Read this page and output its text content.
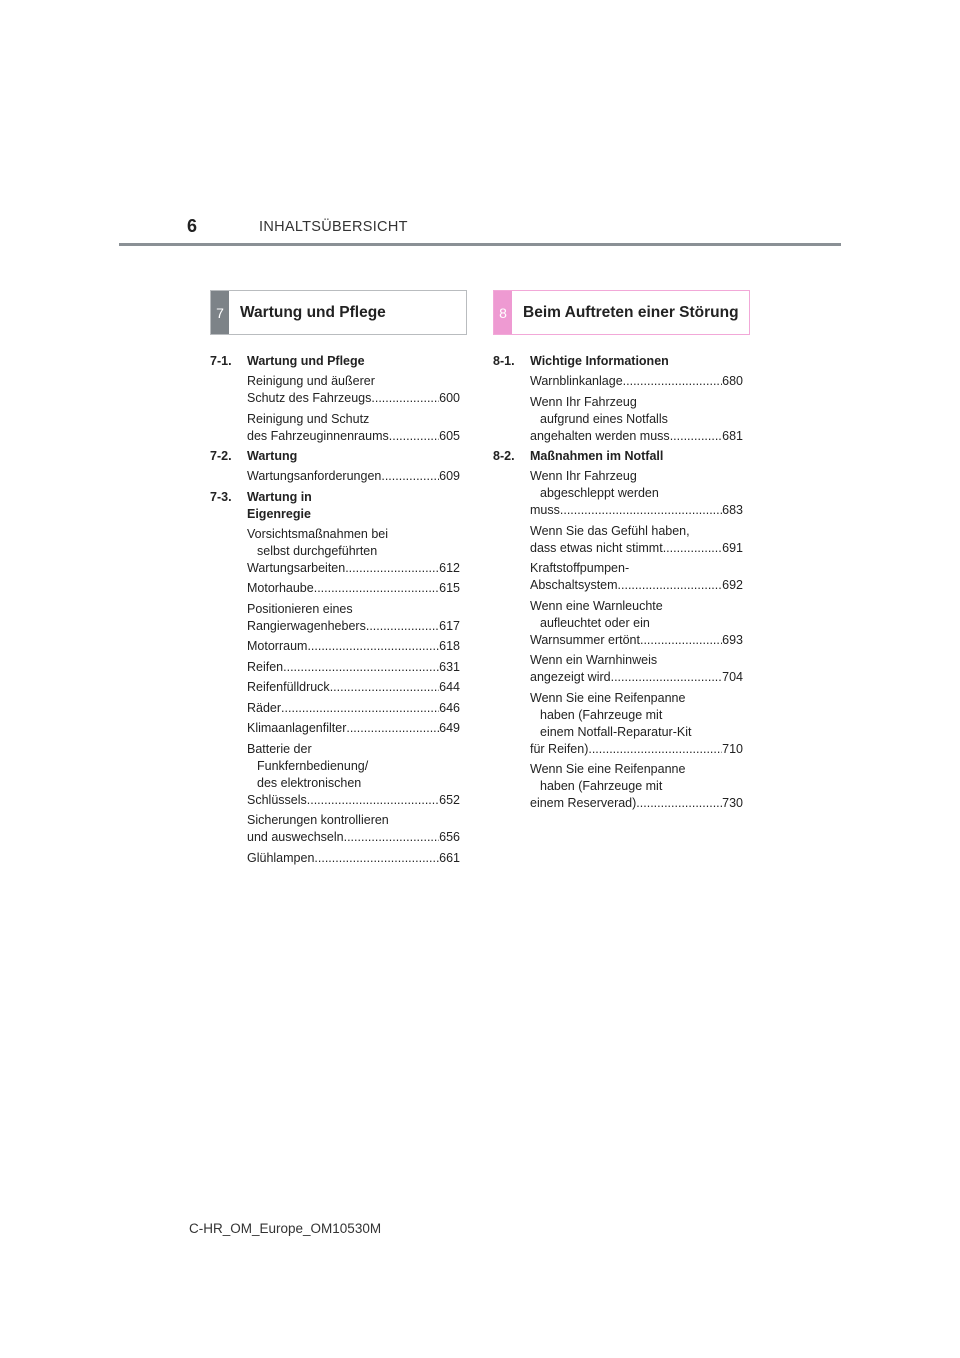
6	INHALTSÜBERSICHT
7	Wartung und Pflege	8	Beim Auftreten einer Störung
7-1.	Wartung und Pflege
Reinigung und äußerer
Schutz des Fahrzeugs .....	600
Reinigung und Schutz
des Fahrzeuginnenraums .....	605
7-2.	Wartung
Wartungsanforderungen .....	609
7-3.	Wartung in
Eigenregie
Vorsichtsmaßnahmen bei
selbst durchgeführten
Wartungsarbeiten .....	612
Motorhaube .....	615
Positionieren eines
Rangierwagenhebers .....	617
Motorraum .....	618
Reifen .....	631
Reifenfülldruck .....	644
Räder .....	646
Klimaanlagenfilter .....	649
Batterie der
Funkfernbedienung/
des elektronischen
Schlüssels .....	652
Sicherungen kontrollieren
und auswechseln .....	656
Glühlampen .....	661
8-1.	Wichtige Informationen
Warnblinkanlage .....	680
Wenn Ihr Fahrzeug
aufgrund eines Notfalls
angehalten werden muss .....	681
8-2.	Maßnahmen im Notfall
Wenn Ihr Fahrzeug
abgeschleppt werden
muss .....	683
Wenn Sie das Gefühl haben,
dass etwas nicht stimmt .....	691
Kraftstoffpumpen-
Abschaltsystem .....	692
Wenn eine Warnleuchte
aufleuchtet oder ein
Warnsummer ertönt .....	693
Wenn ein Warnhinweis
angezeigt wird .....	704
Wenn Sie eine Reifenpanne
haben (Fahrzeuge mit
einem Notfall-Reparatur-Kit
für Reifen) .....	710
Wenn Sie eine Reifenpanne
haben (Fahrzeuge mit
einem Reserverad) .....	730
C-HR_OM_Europe_OM10530M
